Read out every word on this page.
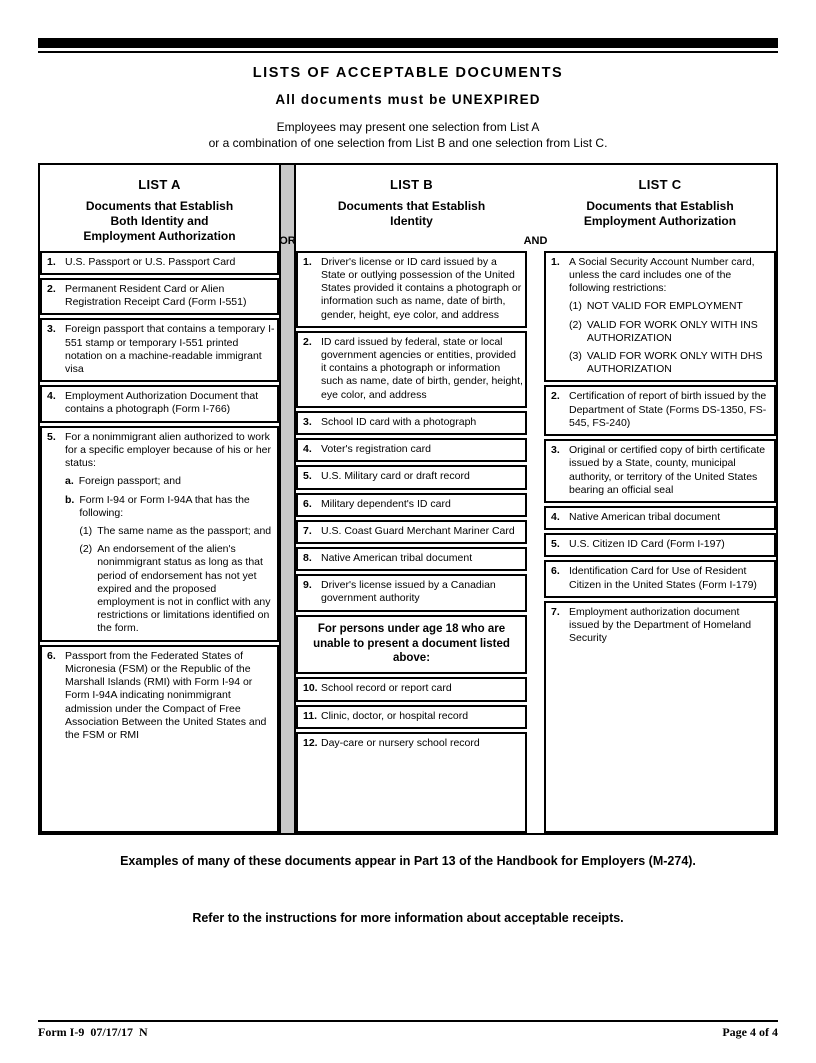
LISTS OF ACCEPTABLE DOCUMENTS
All documents must be UNEXPIRED
Employees may present one selection from List A
or a combination of one selection from List B and one selection from List C.
LIST A
Documents that Establish
Both Identity and
Employment Authorization
1. U.S. Passport or U.S. Passport Card
2. Permanent Resident Card or Alien Registration Receipt Card (Form I-551)
3. Foreign passport that contains a temporary I-551 stamp or temporary I-551 printed notation on a machine-readable immigrant visa
4. Employment Authorization Document that contains a photograph (Form I-766)
5. For a nonimmigrant alien authorized to work for a specific employer because of his or her status:
a. Foreign passport; and
b. Form I-94 or Form I-94A that has the following:
(1) The same name as the passport; and
(2) An endorsement of the alien's nonimmigrant status as long as that period of endorsement has not yet expired and the proposed employment is not in conflict with any restrictions or limitations identified on the form.
6. Passport from the Federated States of Micronesia (FSM) or the Republic of the Marshall Islands (RMI) with Form I-94 or Form I-94A indicating nonimmigrant admission under the Compact of Free Association Between the United States and the FSM or RMI
OR
LIST B
Documents that Establish
Identity
1. Driver's license or ID card issued by a State or outlying possession of the United States provided it contains a photograph or information such as name, date of birth, gender, height, eye color, and address
2. ID card issued by federal, state or local government agencies or entities, provided it contains a photograph or information such as name, date of birth, gender, height, eye color, and address
3. School ID card with a photograph
4. Voter's registration card
5. U.S. Military card or draft record
6. Military dependent's ID card
7. U.S. Coast Guard Merchant Mariner Card
8. Native American tribal document
9. Driver's license issued by a Canadian government authority
For persons under age 18 who are unable to present a document listed above:
10. School record or report card
11. Clinic, doctor, or hospital record
12. Day-care or nursery school record
AND
LIST C
Documents that Establish
Employment Authorization
1. A Social Security Account Number card, unless the card includes one of the following restrictions:
(1) NOT VALID FOR EMPLOYMENT
(2) VALID FOR WORK ONLY WITH INS AUTHORIZATION
(3) VALID FOR WORK ONLY WITH DHS AUTHORIZATION
2. Certification of report of birth issued by the Department of State (Forms DS-1350, FS-545, FS-240)
3. Original or certified copy of birth certificate issued by a State, county, municipal authority, or territory of the United States bearing an official seal
4. Native American tribal document
5. U.S. Citizen ID Card (Form I-197)
6. Identification Card for Use of Resident Citizen in the United States (Form I-179)
7. Employment authorization document issued by the Department of Homeland Security
Examples of many of these documents appear in Part 13 of the Handbook for Employers (M-274).
Refer to the instructions for more information about acceptable receipts.
Form I-9  07/17/17  N	Page 4 of 4
